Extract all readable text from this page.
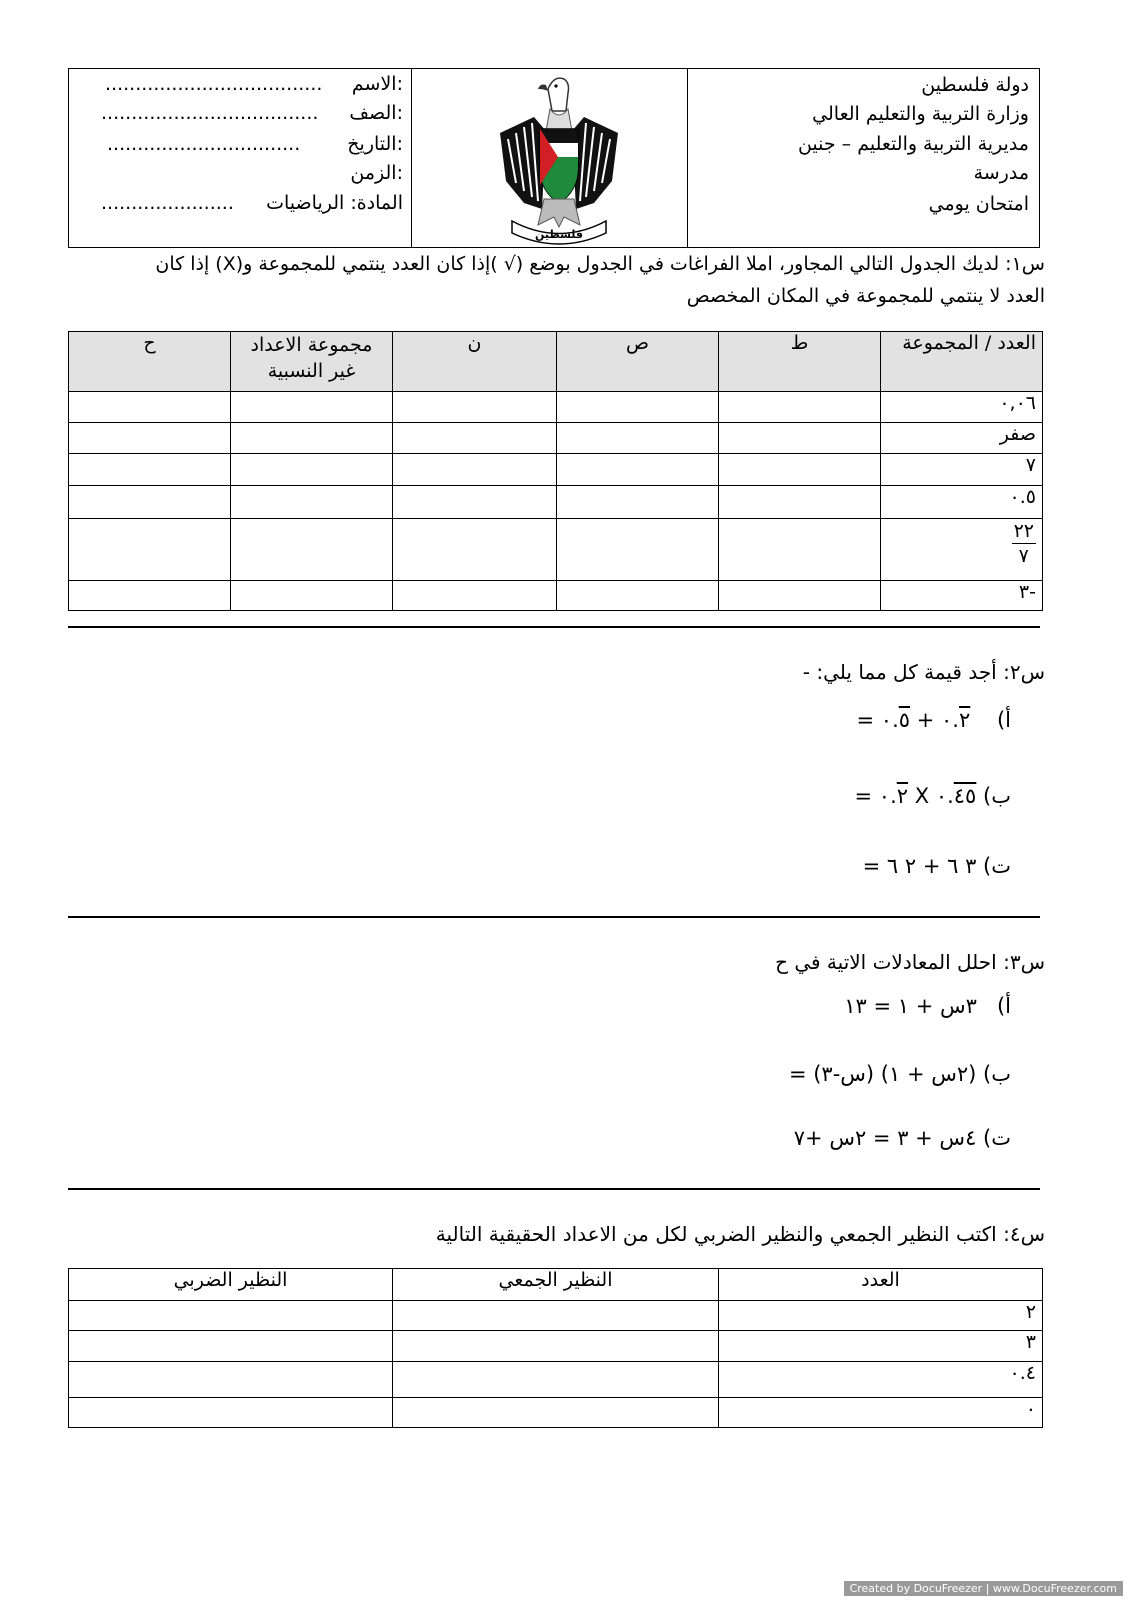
دولة فلسطين
وزارة التربية والتعليم العالي
مديرية التربية والتعليم – جنين
مدرسة
امتحان يومي
الاسم:
....................................
الصف:
....................................
التاريخ:
................................
الزمن:
المادة: الرياضيات
......................
فلسطين
س١: لديك الجدول التالي المجاور، املا الفراغات في الجدول بوضع (√ )إذا كان العدد ينتمي للمجموعة و(X) إذا كان
العدد لا ينتمي للمجموعة في المكان المخصص
العدد / المجموعة	ط	ص	ن	مجموعة الاعداد غير النسبية	ح
٠,٠٦					
صفر					
٧					
٠.٥					

$\frac{٢٢}{٧}$

-٣					
س٢: أجد قيمة كل مما يلي: -
أ)    ٠.٢ + ٠.٥ =
ب) ٠.٤٥ X ٠.٢ =
ت) ٣ ٦ + ٢ ٦ =
س٣: احلل المعادلات الاتية في ح
أ)   ٣س + ١ = ١٣
ب) (٢س + ١) (س-٣) =
ت) ٤س + ٣ = ٢س +٧
س٤: اكتب النظير الجمعي والنظير الضربي لكل من الاعداد الحقيقية التالية
العدد	النظير الجمعي	النظير الضربي
٢		
٣		
٠.٤		
٠		
Created by DocuFreezer | www.DocuFreezer.com
